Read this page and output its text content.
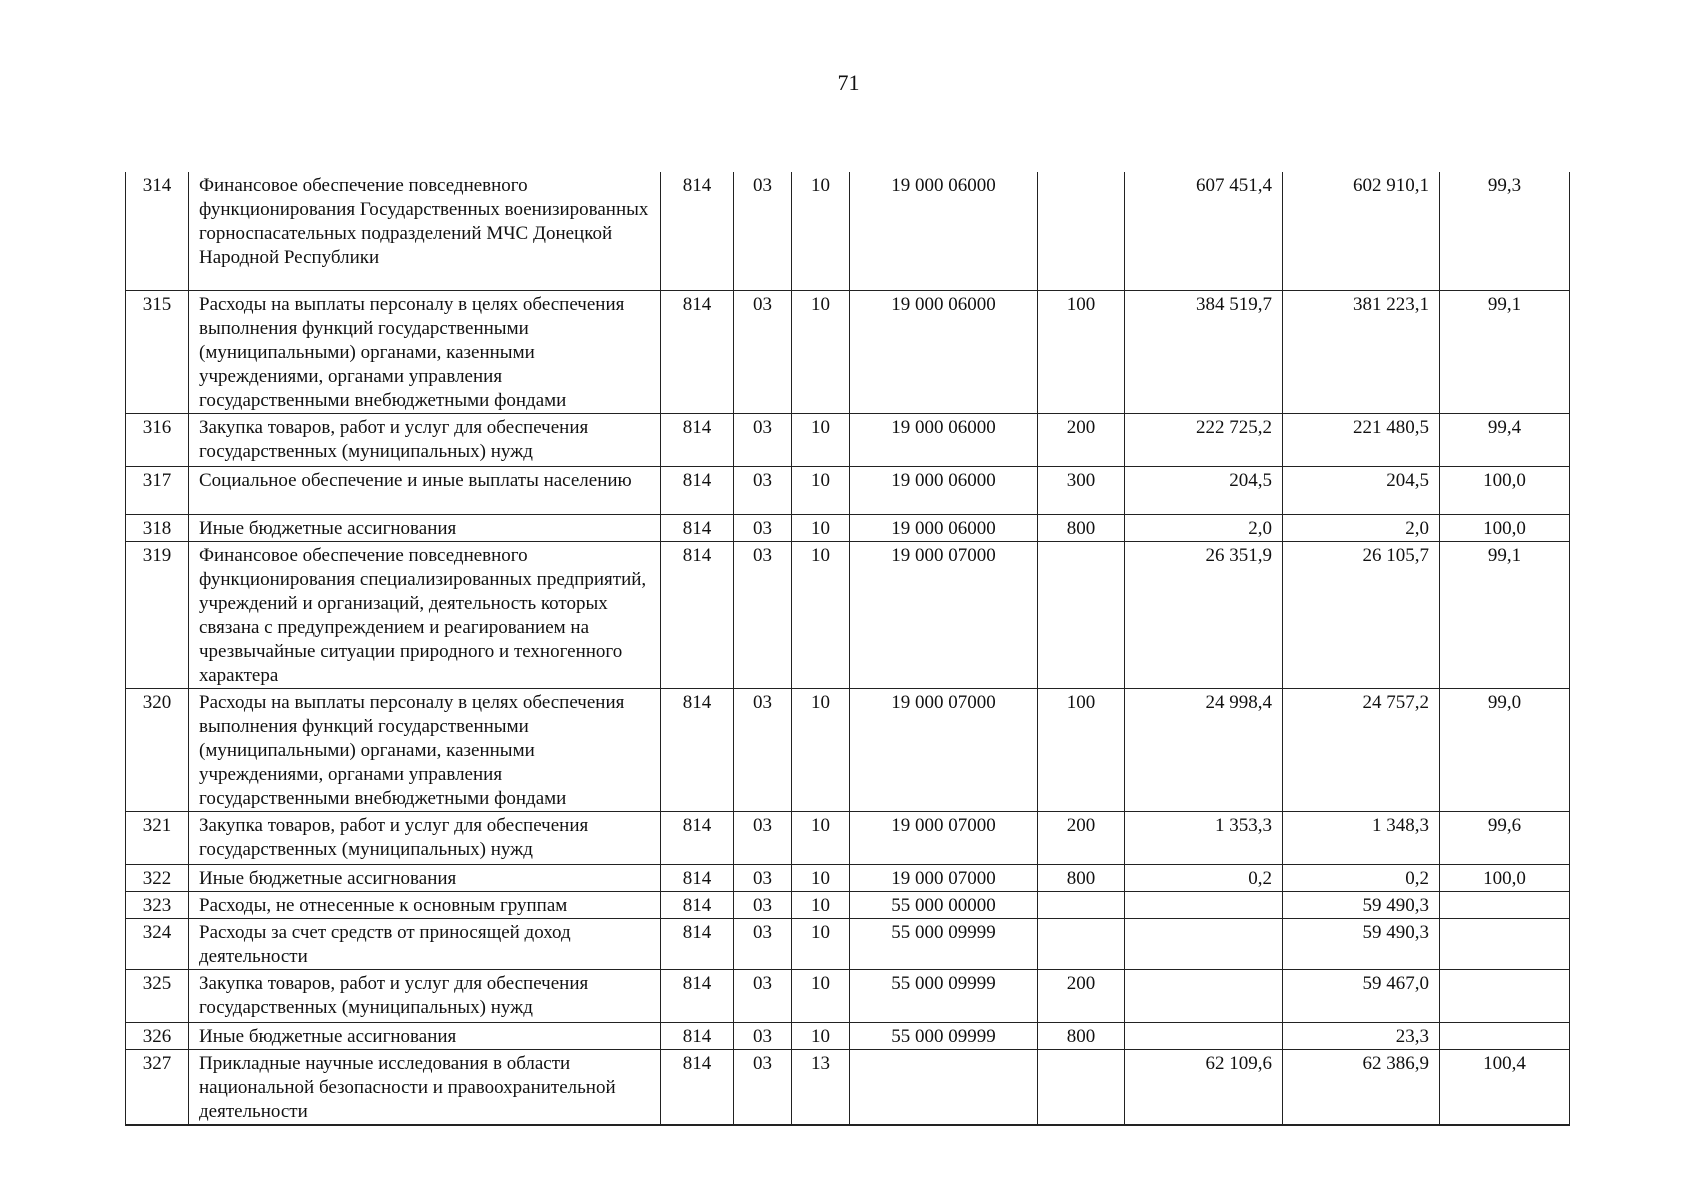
71
314	Финансовое обеспечение повседневного функционирования Государственных военизированных горноспасательных подразделений МЧС Донецкой Народной Республики	814	03	10	19 000 06000		607 451,4	602 910,1	99,3
315	Расходы на выплаты персоналу в целях обеспечения выполнения функций государственными (муниципальными) органами, казенными учреждениями, органами управления государственными внебюджетными фондами	814	03	10	19 000 06000	100	384 519,7	381 223,1	99,1
316	Закупка товаров, работ и услуг для обеспечения государственных (муниципальных) нужд	814	03	10	19 000 06000	200	222 725,2	221 480,5	99,4
317	Социальное обеспечение и иные выплаты населению	814	03	10	19 000 06000	300	204,5	204,5	100,0
318	Иные бюджетные ассигнования	814	03	10	19 000 06000	800	2,0	2,0	100,0
319	Финансовое обеспечение повседневного функционирования специализированных предприятий, учреждений и организаций, деятельность которых связана с предупреждением и реагированием на чрезвычайные ситуации природного и техногенного характера	814	03	10	19 000 07000		26 351,9	26 105,7	99,1
320	Расходы на выплаты персоналу в целях обеспечения выполнения функций государственными (муниципальными) органами, казенными учреждениями, органами управления государственными внебюджетными фондами	814	03	10	19 000 07000	100	24 998,4	24 757,2	99,0
321	Закупка товаров, работ и услуг для обеспечения государственных (муниципальных) нужд	814	03	10	19 000 07000	200	1 353,3	1 348,3	99,6
322	Иные бюджетные ассигнования	814	03	10	19 000 07000	800	0,2	0,2	100,0
323	Расходы, не отнесенные к основным группам	814	03	10	55 000 00000			59 490,3	
324	Расходы за счет средств от приносящей доход деятельности	814	03	10	55 000 09999			59 490,3	
325	Закупка товаров, работ и услуг для обеспечения государственных (муниципальных) нужд	814	03	10	55 000 09999	200		59 467,0	
326	Иные бюджетные ассигнования	814	03	10	55 000 09999	800		23,3	
327	Прикладные научные исследования в области национальной безопасности и правоохранительной деятельности	814	03	13			62 109,6	62 386,9	100,4
